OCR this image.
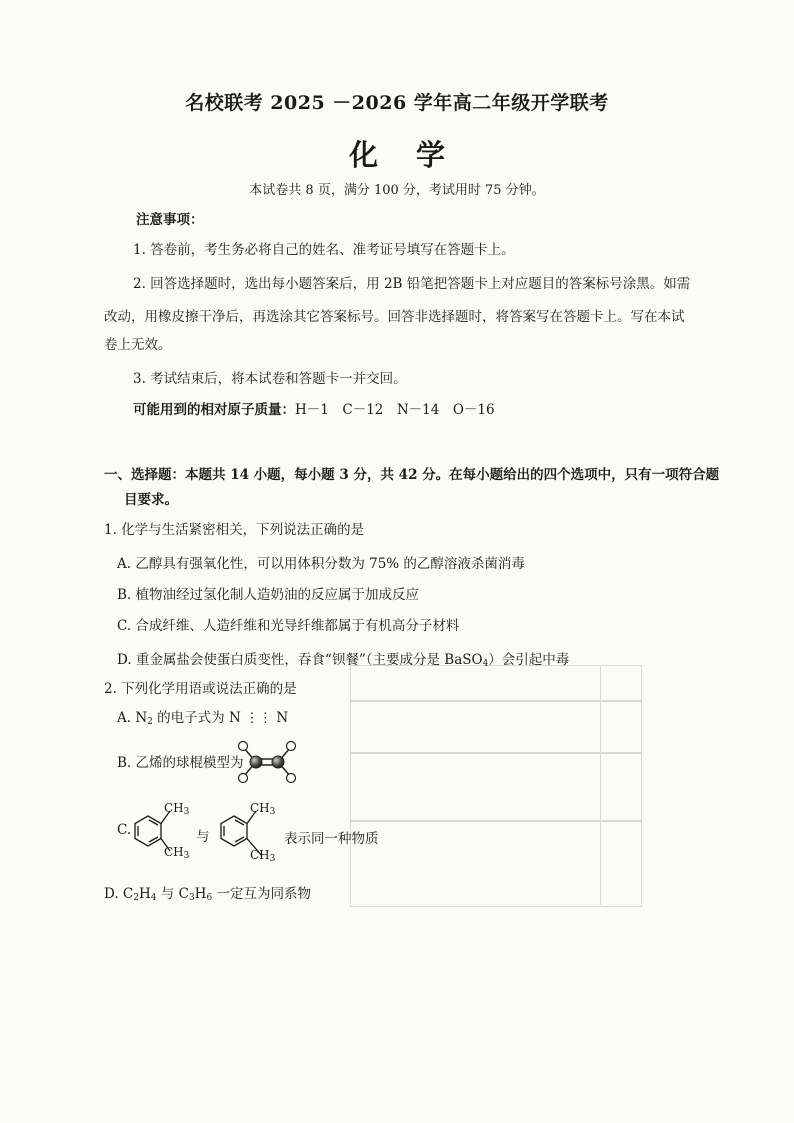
名校联考 2025 －2026 学年高二年级开学联考
化 学
本试卷共 8 页，满分 100 分，考试用时 75 分钟。
注意事项：
1. 答卷前，考生务必将自己的姓名、准考证号填写在答题卡上。
2. 回答选择题时，选出每小题答案后，用 2B 铅笔把答题卡上对应题目的答案标号涂黑。如需
改动，用橡皮擦干净后，再选涂其它答案标号。回答非选择题时，将答案写在答题卡上。写在本试
卷上无效。
3. 考试结束后，将本试卷和答题卡一并交回。
可能用到的相对原子质量：H－1　C－12　N－14　O－16
一、选择题：本题共 14 小题，每小题 3 分，共 42 分。在每小题给出的四个选项中，只有一项符合题
目要求。
1. 化学与生活紧密相关，下列说法正确的是
A. 乙醇具有强氧化性，可以用体积分数为 75% 的乙醇溶液杀菌消毒
B. 植物油经过氢化制人造奶油的反应属于加成反应
C. 合成纤维、人造纤维和光导纤维都属于有机高分子材料
D. 重金属盐会使蛋白质变性，吞食“钡餐”（主要成分是 BaSO$_4$）会引起中毒
2. 下列化学用语或说法正确的是
A. $N_2$ 的电子式为 N ⋮⋮ N
B. 乙烯的球棍模型为
C.
$CH_3$
$CH_3$
与
$CH_3$
$CH_3$
表示同一种物质
D. $C_2H_4$ 与 $C_3H_6$ 一定互为同系物
